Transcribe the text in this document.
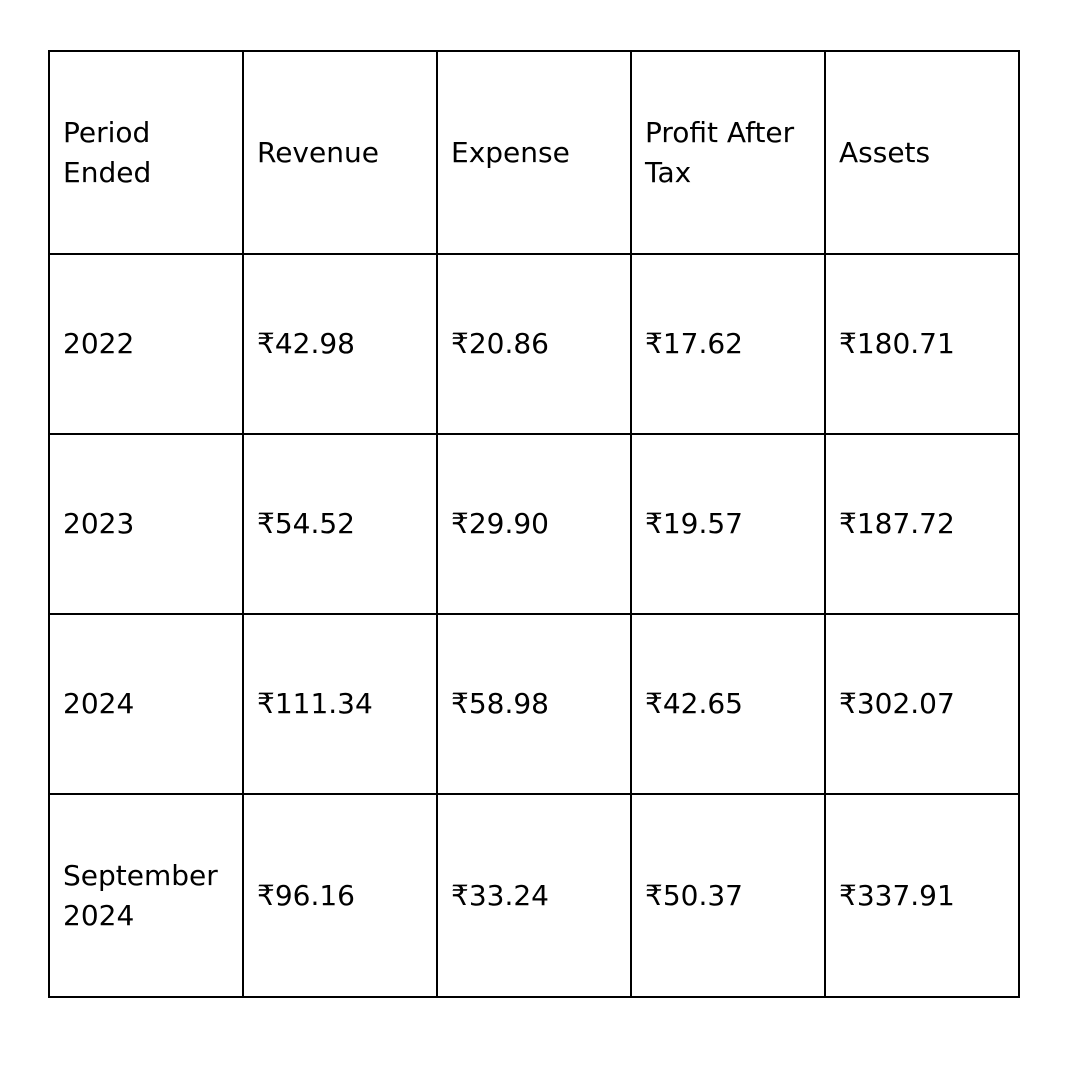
Period Ended	Revenue	Expense	Profit After Tax	Assets

2022	₹42.98	₹20.86	₹17.62	₹180.71

2023	₹54.52	₹29.90	₹19.57	₹187.72

2024	₹111.34	₹58.98	₹42.65	₹302.07

September 2024	₹96.16	₹33.24	₹50.37	₹337.91
